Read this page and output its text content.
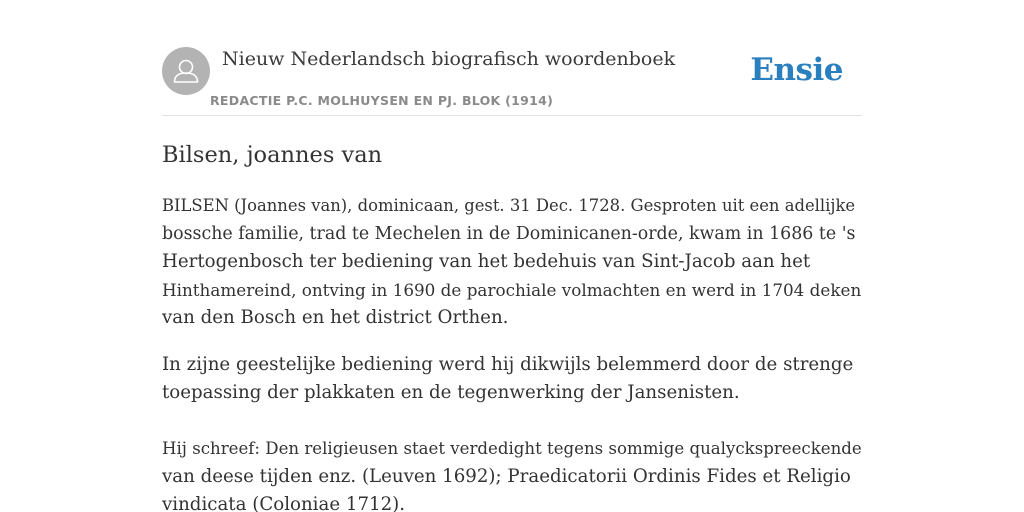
Nieuw Nederlandsch biografisch woordenboek
REDACTIE P.C. MOLHUYSEN EN PJ. BLOK (1914)
Ensie
Bilsen, joannes van

BILSEN (Joannes van), dominicaan, gest. 31 Dec. 1728. Gesproten uit een adellijke
bossche familie, trad te Mechelen in de Dominicanen-orde, kwam in 1686 te 's
Hertogenbosch ter bediening van het bedehuis van Sint-Jacob aan het
Hinthamereind, ontving in 1690 de parochiale volmachten en werd in 1704 deken
van den Bosch en het district Orthen.

In zijne geestelijke bediening werd hij dikwijls belemmerd door de strenge
toepassing der plakkaten en de tegenwerking der Jansenisten.

Hij schreef: Den religieusen staet verdedight tegens sommige qualyckspreeckende
van deese tijden enz. (Leuven 1692); Praedicatorii Ordinis Fides et Religio
vindicata (Coloniae 1712).
